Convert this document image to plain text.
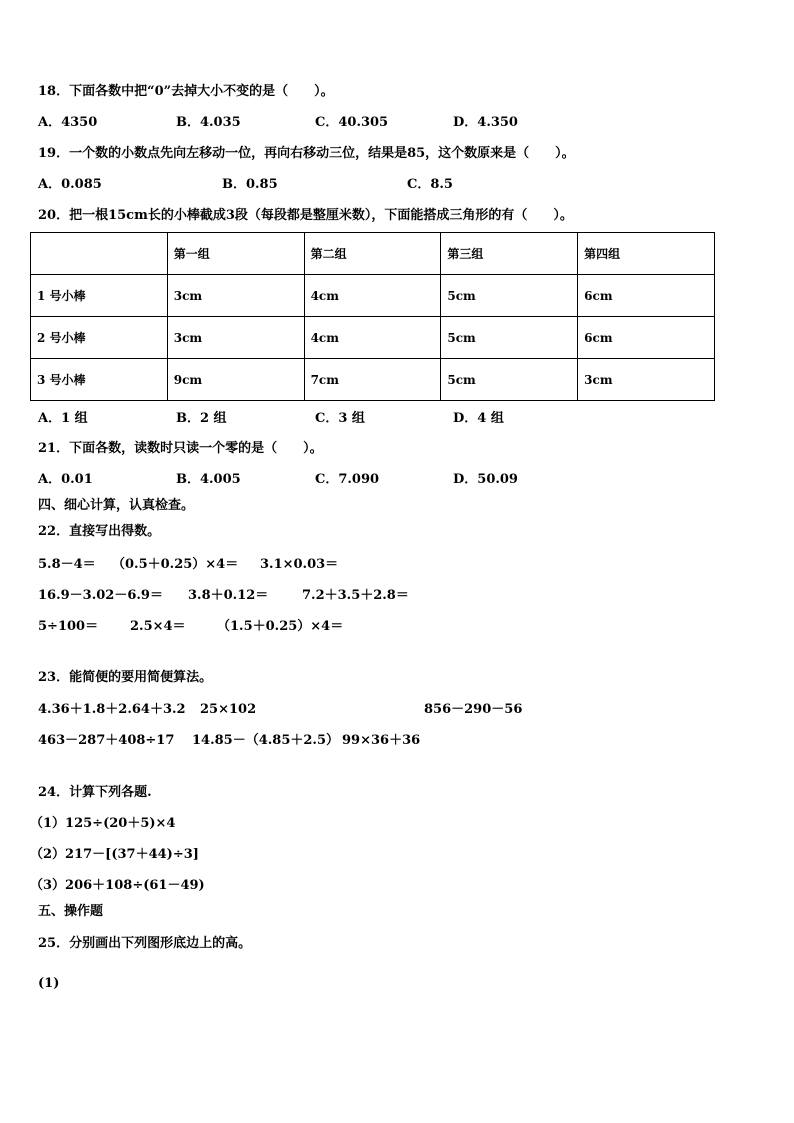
18．下面各数中把“0”去掉大小不变的是（　　）。
A．4350	B．4.035	C．40.305	D．4.350
19．一个数的小数点先向左移动一位，再向右移动三位，结果是85，这个数原来是（　　）。
A．0.085	B．0.85	C．8.5
20．把一根15cm长的小棒截成3段（每段都是整厘米数），下面能搭成三角形的有（　　）。
	第一组	第二组	第三组	第四组
1 号小棒	3cm	4cm	5cm	6cm
2 号小棒	3cm	4cm	5cm	6cm
3 号小棒	9cm	7cm	5cm	3cm
A．1 组	B．2 组	C．3 组	D．4 组
21．下面各数，读数时只读一个零的是（　　）。
A．0.01	B．4.005	C．7.090	D．50.09
四、细心计算，认真检查。
22．直接写出得数。
5.8－4＝ （0.5＋0.25）×4＝ 3.1×0.03＝
16.9－3.02－6.9＝ 3.8＋0.12＝	7.2＋3.5＋2.8＝
5÷100＝ 2.5×4＝ （1.5＋0.25）×4＝
23．能简便的要用简便算法。
4.36＋1.8＋2.64＋3.2 25×102	856－290－56
463－287＋408÷17 14.85－（4.85＋2.5） 99×36＋36
24．计算下列各题.
（1）125÷(20＋5)×4
（2）217－[(37＋44)÷3]
（3）206＋108÷(61－49)
五、操作题
25．分别画出下列图形底边上的高。
(1)
